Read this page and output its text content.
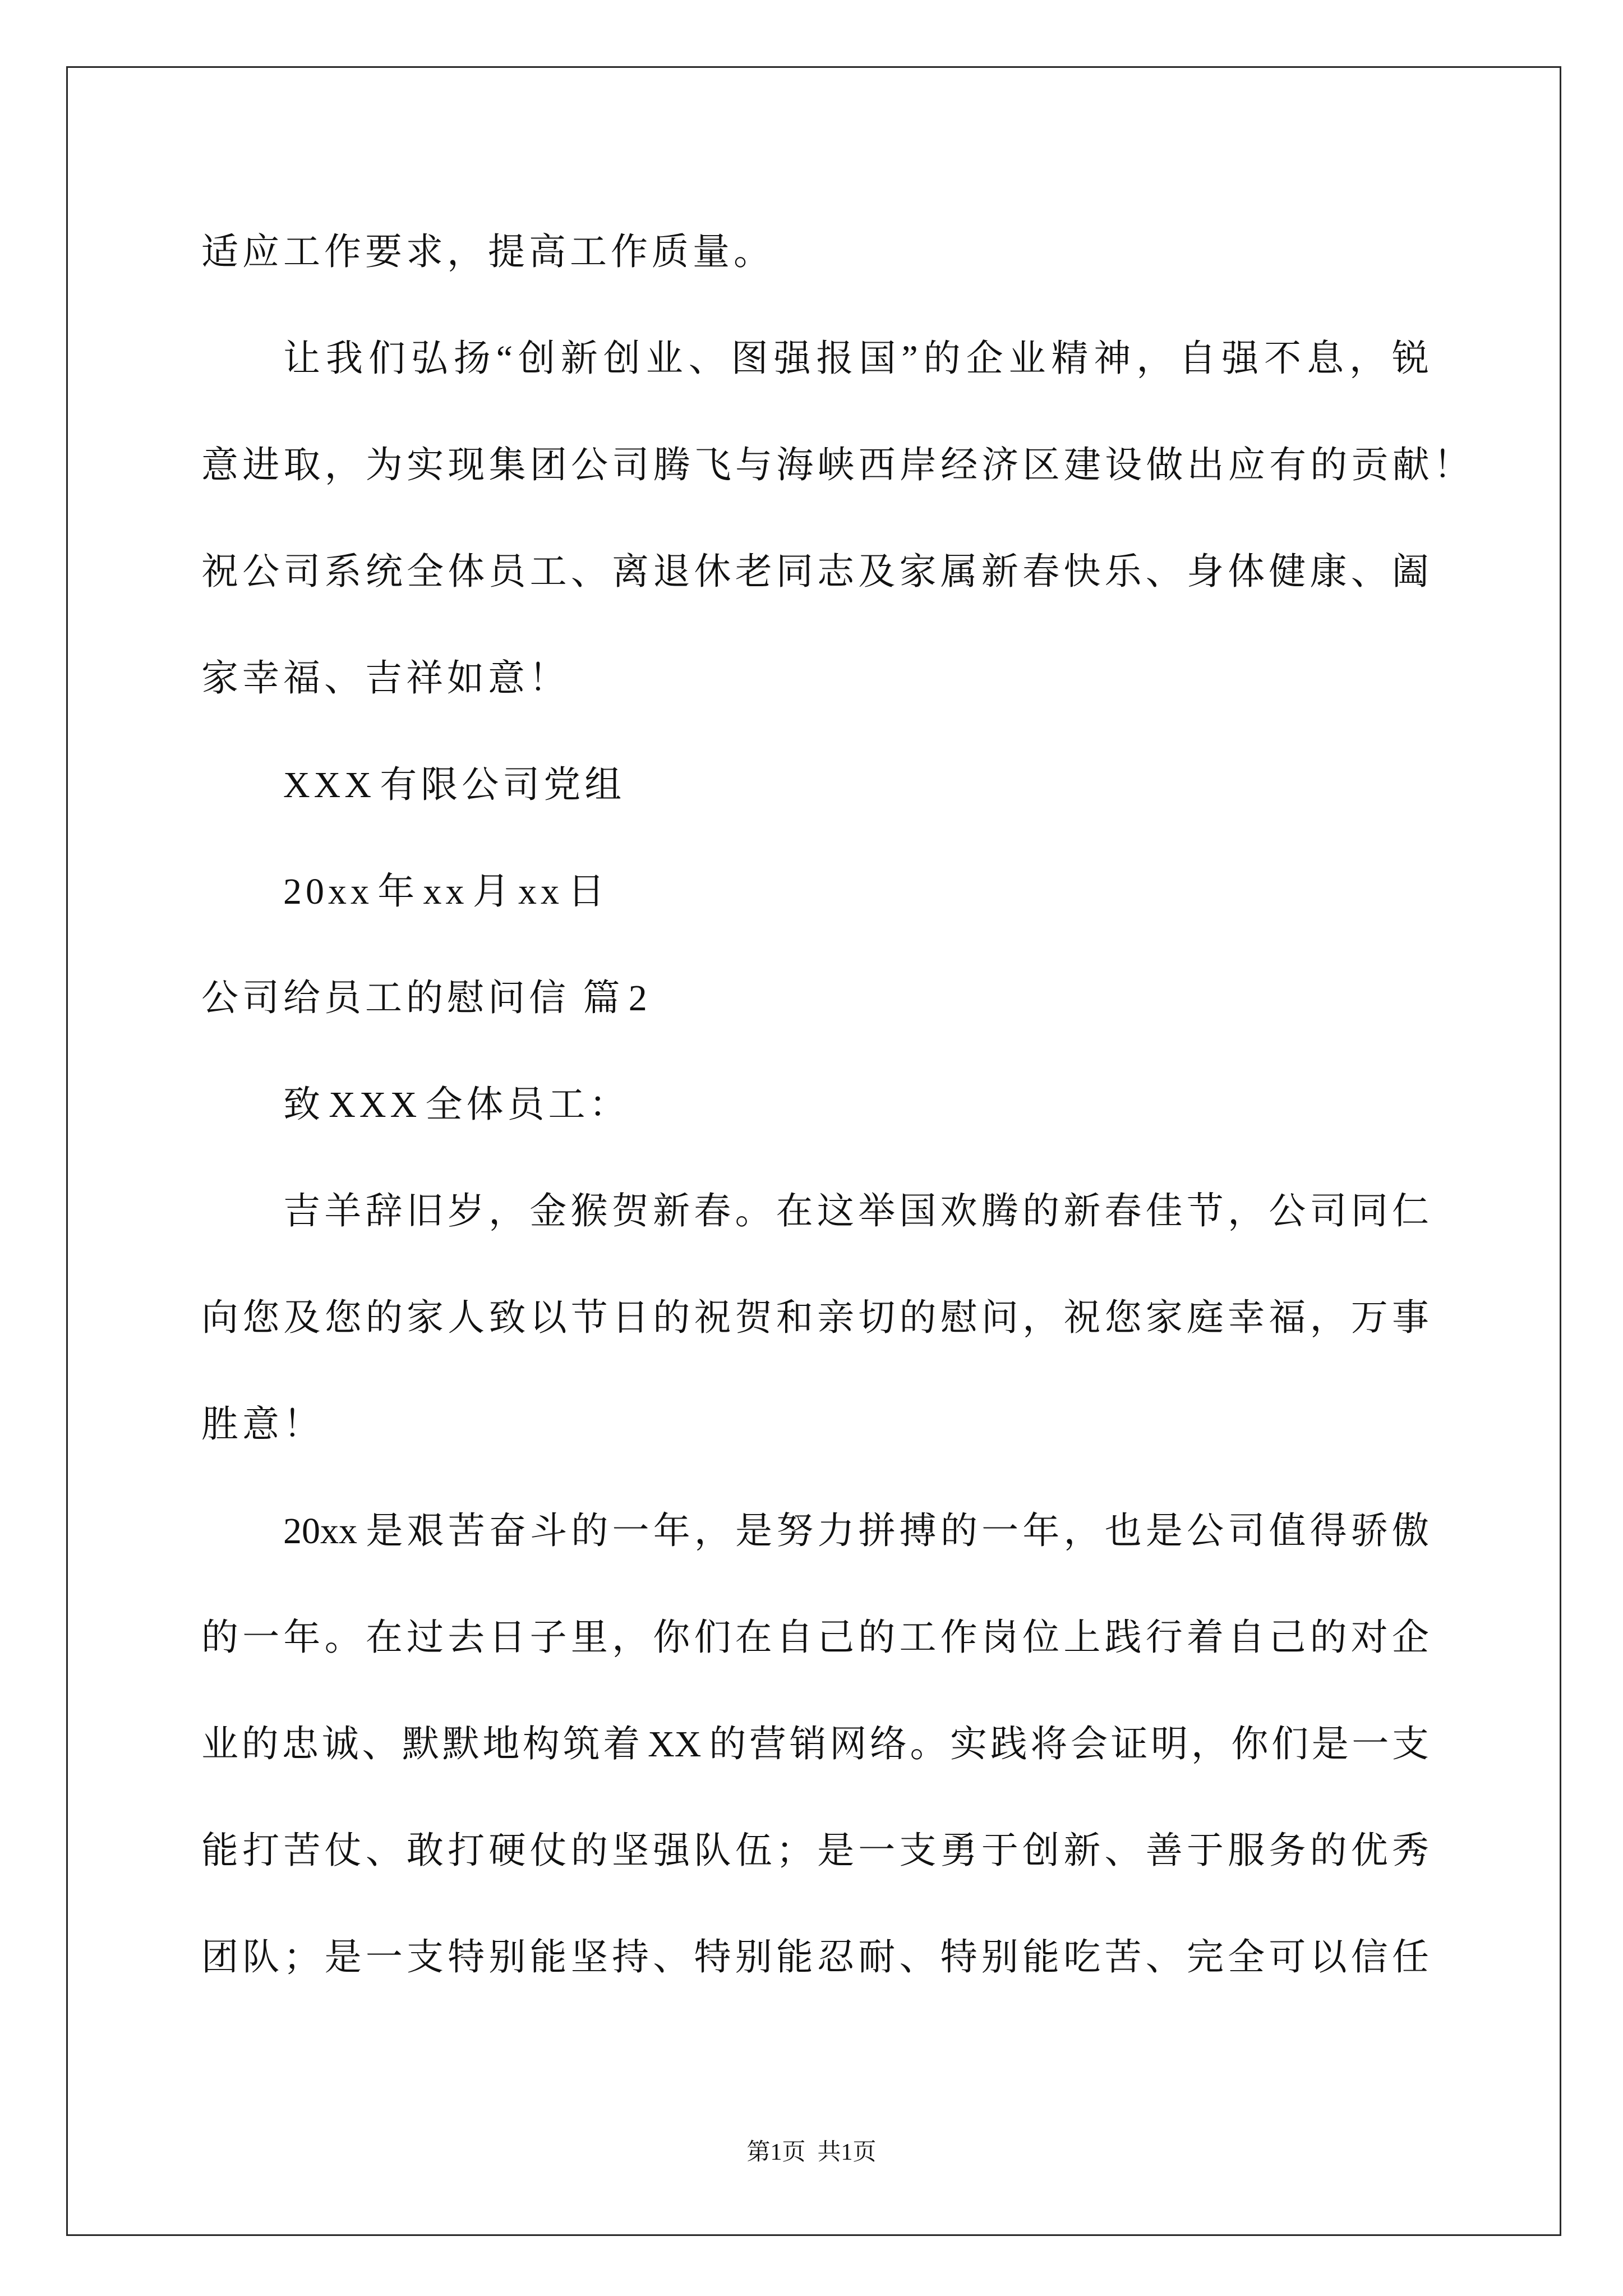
适应工作要求，提高工作质量。
让我们弘扬“创新创业、图强报国”的企业精神，自强不息，锐
意进取，为实现集团公司腾飞与海峡西岸经济区建设做出应有的贡献！
祝公司系统全体员工、离退休老同志及家属新春快乐、身体健康、阖
家幸福、吉祥如意！
XXX有限公司党组
20xx年xx月xx日
公司给员工的慰问信 篇2
致XXX全体员工：
吉羊辞旧岁，金猴贺新春。在这举国欢腾的新春佳节，公司同仁
向您及您的家人致以节日的祝贺和亲切的慰问，祝您家庭幸福，万事
胜意！
20xx是艰苦奋斗的一年，是努力拼搏的一年，也是公司值得骄傲
的一年。在过去日子里，你们在自己的工作岗位上践行着自己的对企
业的忠诚、默默地构筑着XX的营销网络。实践将会证明，你们是一支
能打苦仗、敢打硬仗的坚强队伍；是一支勇于创新、善于服务的优秀
团队；是一支特别能坚持、特别能忍耐、特别能吃苦、完全可以信任
第1页  共1页
